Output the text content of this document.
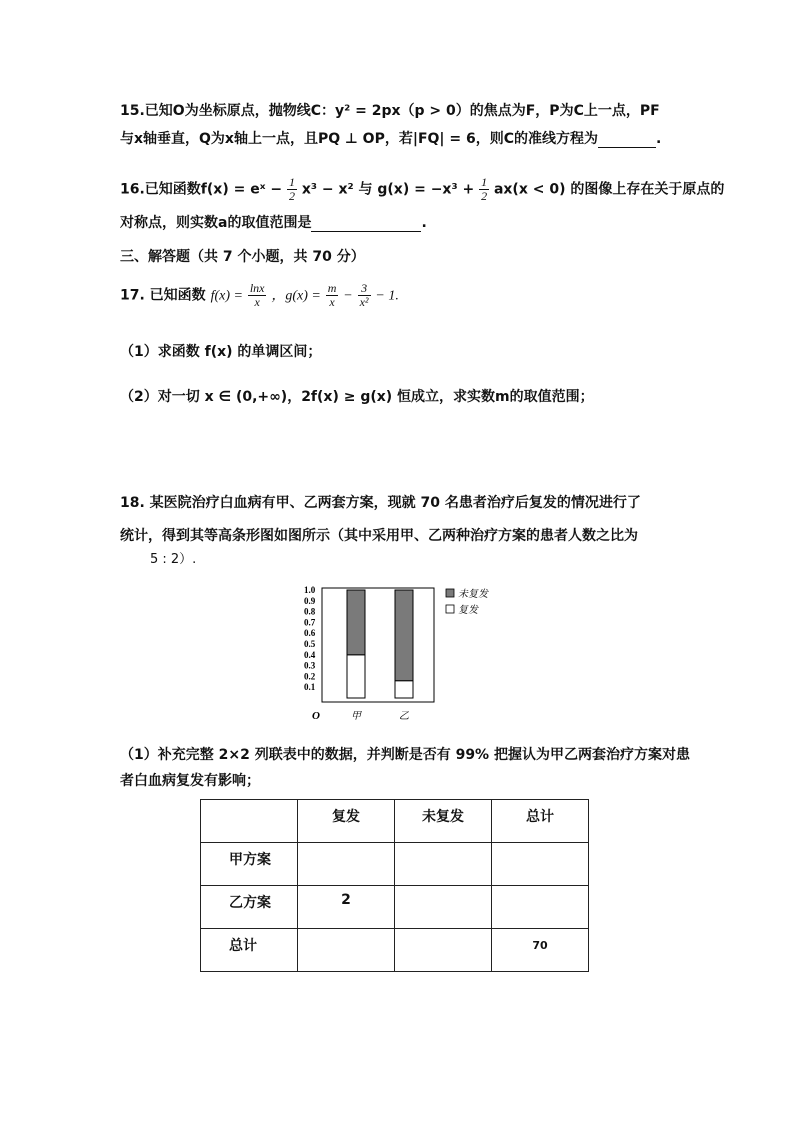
15.已知O为坐标原点，抛物线C：y² = 2px（p > 0）的焦点为F，P为C上一点，PF
与x轴垂直，Q为x轴上一点，且PQ ⊥ OP，若|FQ| = 6，则C的准线方程为	.
16.已知函数f(x) = eˣ − $\frac{1}{2} x^3 - x^2$ 与 $g(x) = -x^3 + \frac{1}{2} ax(x < 0)$ 的图像上存在关于原点的
对称点，则实数a的取值范围是	.
三、解答题（共 7 个小题，共 70 分）
17. 已知函数 $f(x) = \frac{\ln x}{x}$ ，$g(x) = \frac{m}{x} - \frac{3}{\text{x²}} - 1$.
（1）求函数 f(x) 的单调区间；
（2）对一切 x ∈ (0,+∞)，2f(x) ≥ g(x) 恒成立，求实数m的取值范围；
18. 某医院治疗白血病有甲、乙两套方案，现就 70 名患者治疗后复发的情况进行了
统计，得到其等高条形图如图所示（其中采用甲、乙两种治疗方案的患者人数之比为
5 : 2）.
0.1
0.2
0.3
0.4
0.5
0.6
0.7
0.8
0.9
1.0
甲	乙
O
未复发
复发
（1）补充完整 2×2 列联表中的数据，并判断是否有 99% 把握认为甲乙两套治疗方案对患
者白血病复发有影响；
	复发	未复发	总计
甲方案			
乙方案	2		
总计			70
